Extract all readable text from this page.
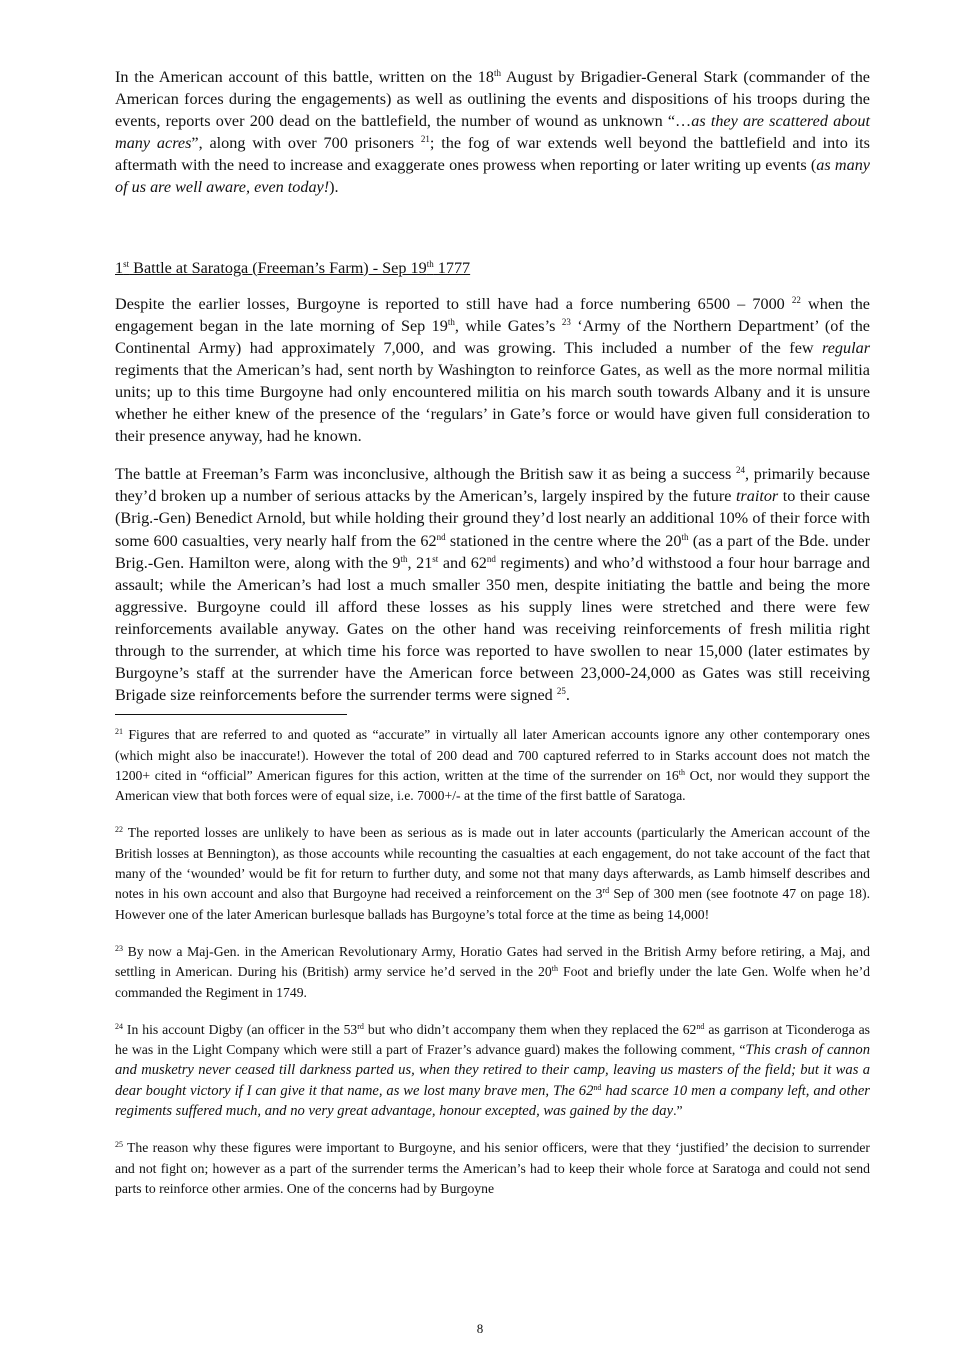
In the American account of this battle, written on the 18th August by Brigadier-General Stark (commander of the American forces during the engagements) as well as outlining the events and dispositions of his troops during the events, reports over 200 dead on the battlefield, the number of wound as unknown “…as they are scattered about many acres”, along with over 700 prisoners $^{21}$; the fog of war extends well beyond the battlefield and into its aftermath with the need to increase and exaggerate ones prowess when reporting or later writing up events (as many of us are well aware, even today!).

1st Battle at Saratoga (Freeman’s Farm) - Sep 19th 1777

Despite the earlier losses, Burgoyne is reported to still have had a force numbering 6500 – 7000 $^{22}$ when the engagement began in the late morning of Sep 19th, while Gates’s $^{23}$ ‘Army of the Northern Department’ (of the Continental Army) had approximately 7,000, and was growing. This included a number of the few regular regiments that the American’s had, sent north by Washington to reinforce Gates, as well as the more normal militia units; up to this time Burgoyne had only encountered militia on his march south towards Albany and it is unsure whether he either knew of the presence of the ‘regulars’ in Gate’s force or would have given full consideration to their presence anyway, had he known.

The battle at Freeman’s Farm was inconclusive, although the British saw it as being a success $^{24}$, primarily because they’d broken up a number of serious attacks by the American’s, largely inspired by the future traitor to their cause (Brig.-Gen) Benedict Arnold, but while holding their ground they’d lost nearly an additional 10% of their force with some 600 casualties, very nearly half from the 62nd stationed in the centre where the 20th (as a part of the Bde. under Brig.-Gen. Hamilton were, along with the 9th, 21st and 62nd regiments) and who’d withstood a four hour barrage and assault; while the American’s had lost a much smaller 350 men, despite initiating the battle and being the more aggressive. Burgoyne could ill afford these losses as his supply lines were stretched and there were few reinforcements available anyway. Gates on the other hand was receiving reinforcements of fresh militia right through to the surrender, at which time his force was reported to have swollen to near 15,000 (later estimates by Burgoyne’s staff at the surrender have the American force between 23,000-24,000 as Gates was still receiving Brigade size reinforcements before the surrender terms were signed $^{25}$.

$^{21}$ Figures that are referred to and quoted as “accurate” in virtually all later American accounts ignore any other contemporary ones (which might also be inaccurate!). However the total of 200 dead and 700 captured referred to in Starks account does not match the 1200+ cited in “official” American figures for this action, written at the time of the surrender on 16th Oct, nor would they support the American view that both forces were of equal size, i.e. 7000+/- at the time of the first battle of Saratoga.

$^{22}$ The reported losses are unlikely to have been as serious as is made out in later accounts (particularly the American account of the British losses at Bennington), as those accounts while recounting the casualties at each engagement, do not take account of the fact that many of the ‘wounded’ would be fit for return to further duty, and some not that many days afterwards, as Lamb himself describes and notes in his own account and also that Burgoyne had received a reinforcement on the 3rd Sep of 300 men (see footnote 47 on page 18). However one of the later American burlesque ballads has Burgoyne’s total force at the time as being 14,000!

$^{23}$ By now a Maj-Gen. in the American Revolutionary Army, Horatio Gates had served in the British Army before retiring, a Maj, and settling in American. During his (British) army service he’d served in the 20th Foot and briefly under the late Gen. Wolfe when he’d commanded the Regiment in 1749.

$^{24}$ In his account Digby (an officer in the 53rd but who didn’t accompany them when they replaced the 62nd as garrison at Ticonderoga as he was in the Light Company which were still a part of Frazer’s advance guard) makes the following comment, “This crash of cannon and musketry never ceased till darkness parted us, when they retired to their camp, leaving us masters of the field; but it was a dear bought victory if I can give it that name, as we lost many brave men, The 62nd had scarce 10 men a company left, and other regiments suffered much, and no very great advantage, honour excepted, was gained by the day.”

$^{25}$ The reason why these figures were important to Burgoyne, and his senior officers, were that they ‘justified’ the decision to surrender and not fight on; however as a part of the surrender terms the American’s had to keep their whole force at Saratoga and could not send parts to reinforce other armies. One of the concerns had by Burgoyne

8
